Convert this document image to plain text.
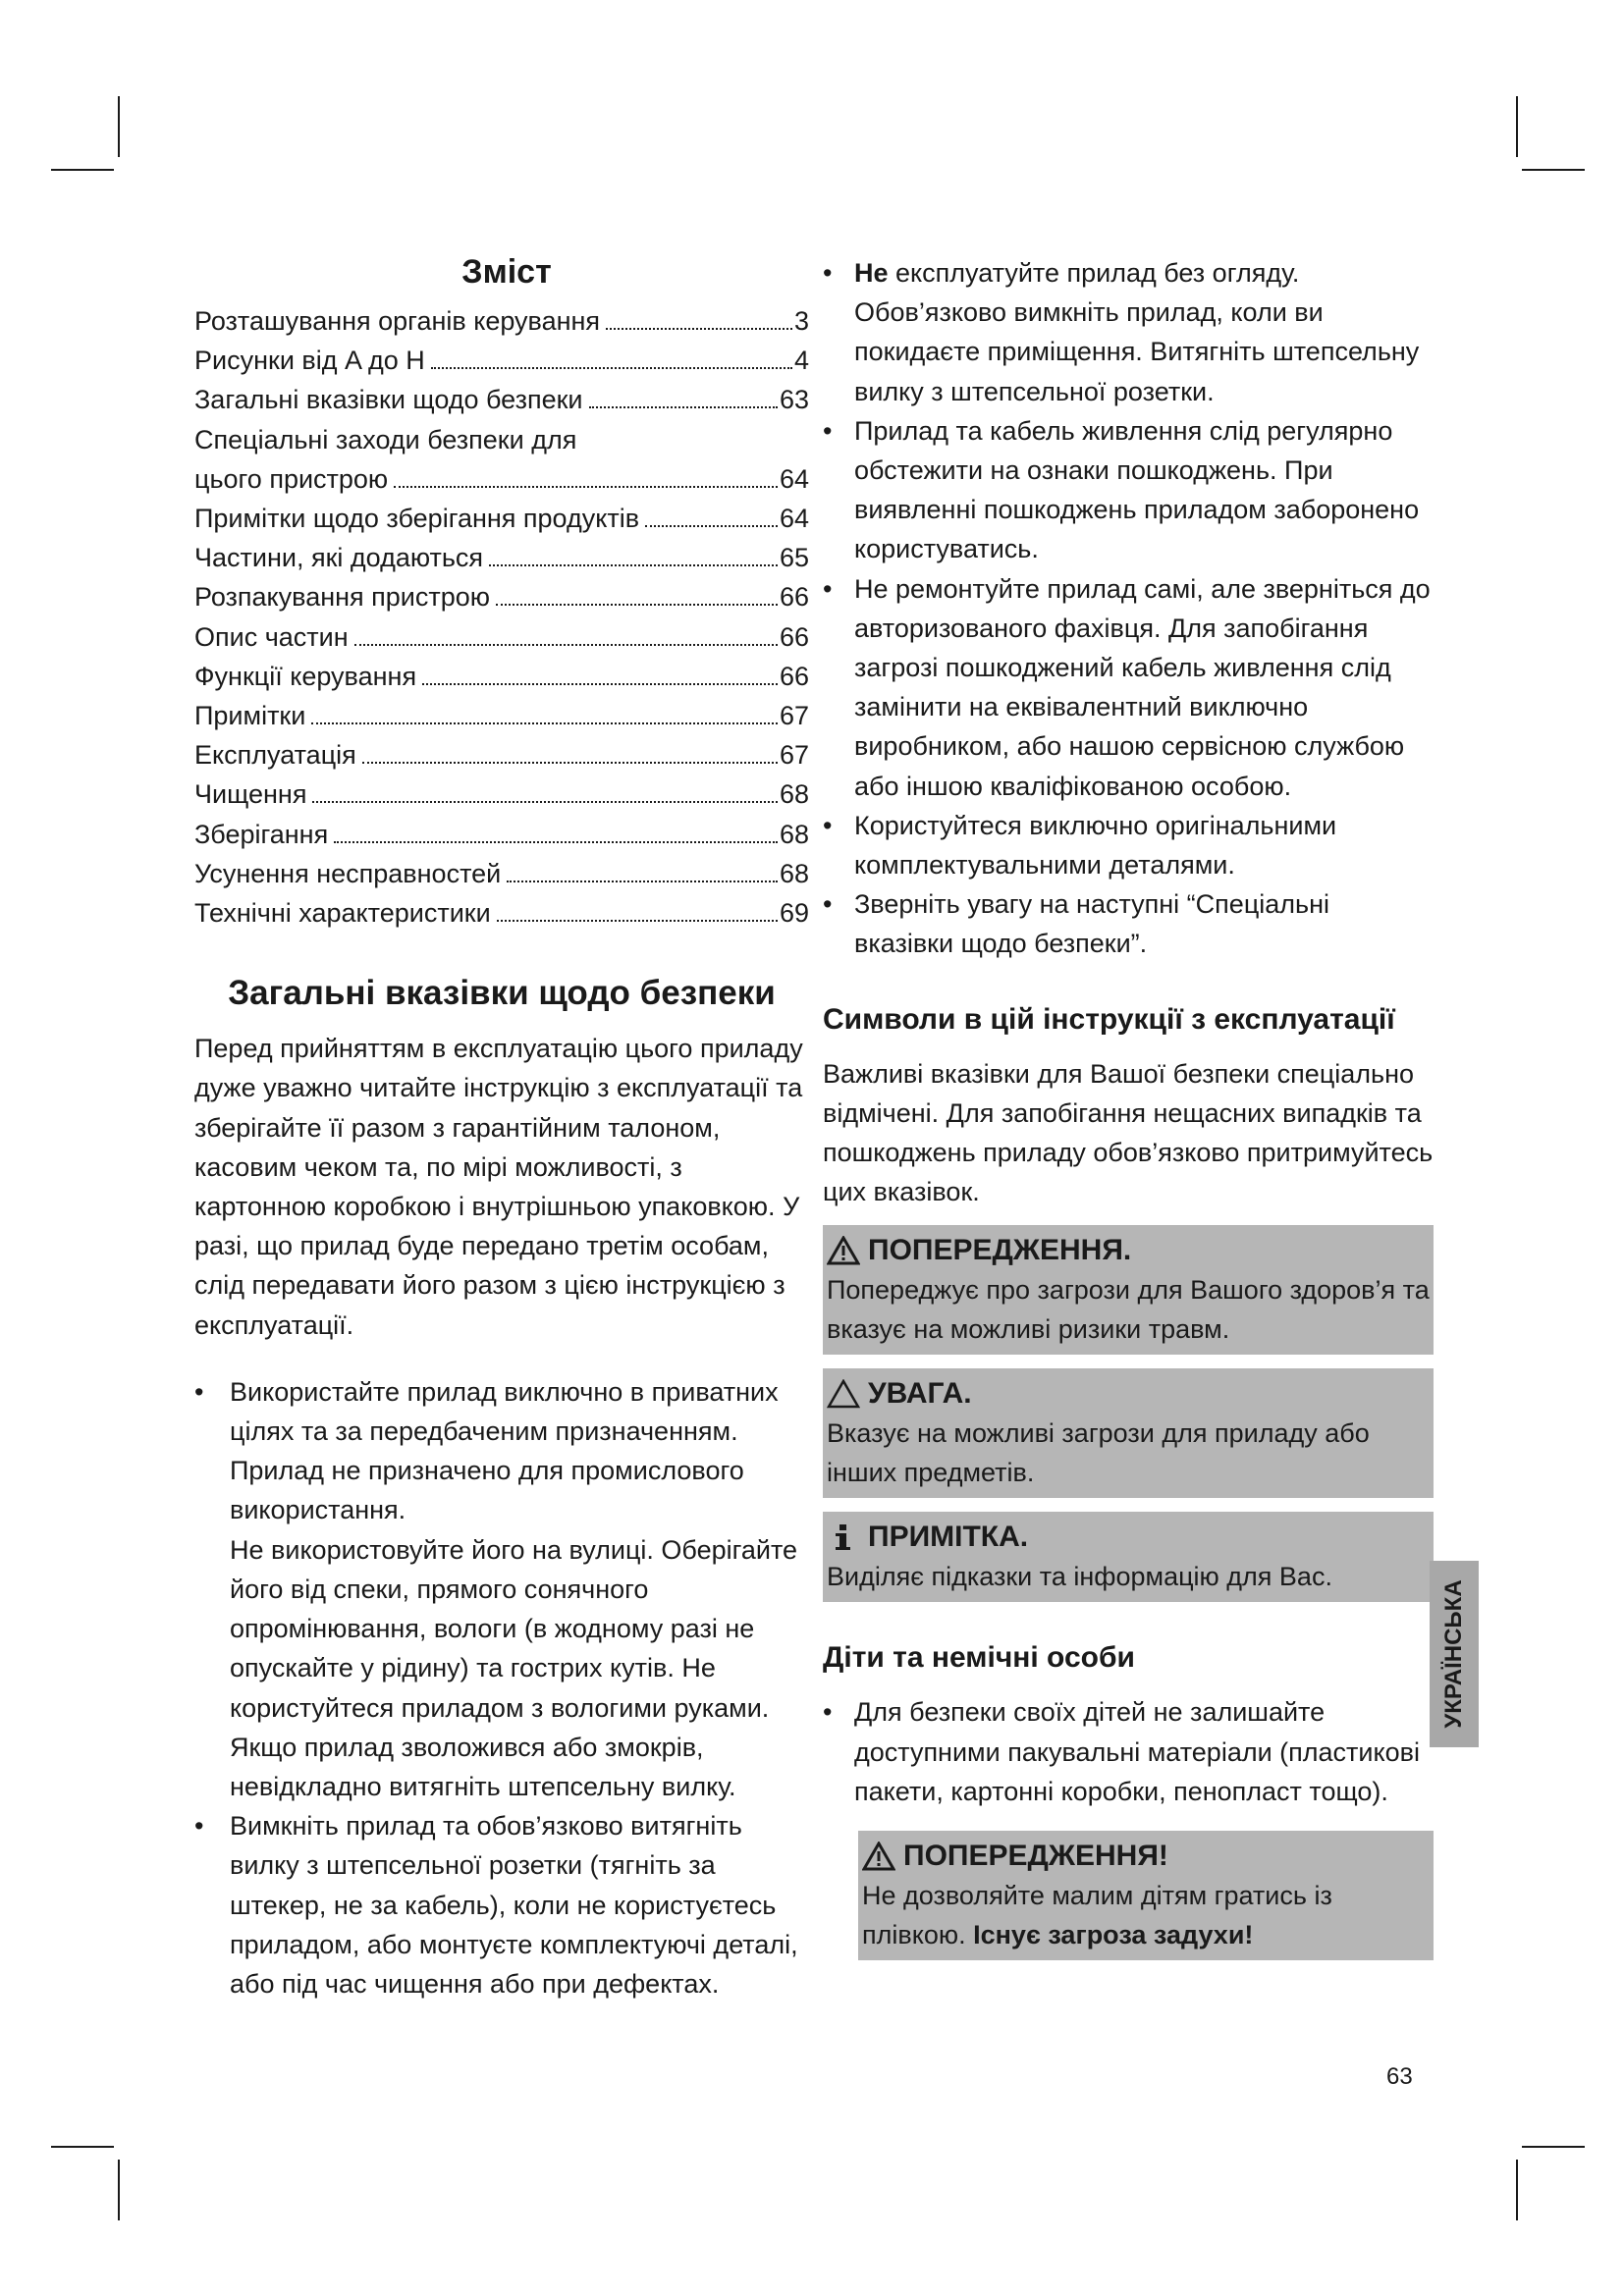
Зміст
Розташування органів керування	3
Рисунки від A до H	4
Загальні вказівки щодо безпеки	63
Спеціальні заходи безпеки для
цього пристрою	64
Примітки щодо зберігання продуктів	64
Частини, які додаються	65
Розпакування пристрою	66
Опис частин	66
Функції керування	66
Примітки	67
Експлуатація	67
Чищення	68
Зберігання	68
Усунення несправностей	68
Технічні характеристики	69
Загальні вказівки щодо безпеки

Перед прийняттям в експлуатацію цього приладу дуже уважно читайте інструкцію з експлуатації та зберігайте її разом з гарантійним талоном, касовим чеком та, по мірі можливості, з картонною коробкою і внутрішньою упаковкою. У разі, що прилад буде передано третім особам, слід передавати його разом з цією інструкцією з експлуатації.

• Використайте прилад виключно в приватних цілях та за передбаченим призначенням. Прилад не призначено для промислового використання.
Не використовуйте його на вулиці. Оберігайте його від спеки, прямого сонячного опромінювання, вологи (в жодному разі не опускайте у рідину) та гострих кутів. Не користуйтеся приладом з вологими руками. Якщо прилад зволожився або змокрів, невідкладно витягніть штепсельну вилку.
• Вимкніть прилад та обов’язково витягніть вилку з штепсельної розетки (тягніть за штекер, не за кабель), коли не користуєтесь приладом, або монтуєте комплектуючі деталі, або під час чищення або при дефектах.
• Не експлуатуйте прилад без огляду. Обов’язково вимкніть прилад, коли ви покидаєте приміщення. Витягніть штепсельну вилку з штепсельної розетки.
• Прилад та кабель живлення слід регулярно обстежити на ознаки пошкоджень. При виявленні пошкоджень приладом заборонено користуватись.
• Не ремонтуйте прилад самі, але зверніться до авторизованого фахівця. Для запобігання загрозі пошкоджений кабель живлення слід замінити на еквівалентний виключно виробником, або нашою сервісною службою або іншою кваліфікованою особою.
• Користуйтеся виключно оригінальними комплектувальними деталями.
• Зверніть увагу на наступні “Спеціальні вказівки щодо безпеки”.
Символи в цій інструкції з експлуатації

Важливі вказівки для Вашої безпеки спеціально відмічені. Для запобігання нещасних випадків та пошкоджень приладу обов’язково притримуйтесь цих вказівок.

ПОПЕРЕДЖЕННЯ.
Попереджує про загрози для Вашого здоров’я та вказує на можливі ризики травм.
УВАГА.
Вказує на можливі загрози для приладу або інших предметів.
ПРИМІТКА.
Виділяє підказки та інформацію для Вас.
Діти та немічні особи
• Для безпеки своїх дітей не залишайте доступними пакувальні матеріали (пластикові пакети, картонні коробки, пенопласт тощо).
ПОПЕРЕДЖЕННЯ!
Не дозволяйте малим дітям гратись із плівкою. Існує загроза задухи!
УКРАЇНСЬКА
63
